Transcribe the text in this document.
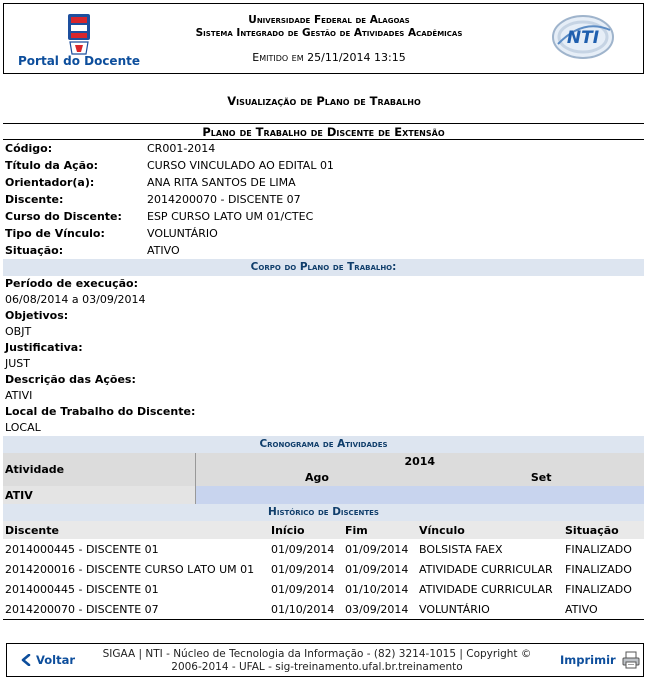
Portal do Docente
Universidade Federal de Alagoas
Sistema Integrado de Gestão de Atividades Acadêmicas
Emitido em 25/11/2014 13:15
NTI
Visualização de Plano de Trabalho
Plano de Trabalho de Discente de Extensão
Código:	CR001-2014
Título da Ação:	CURSO VINCULADO AO EDITAL 01
Orientador(a):	ANA RITA SANTOS DE LIMA
Discente:	2014200070 - DISCENTE 07
Curso do Discente:	ESP CURSO LATO UM 01/CTEC
Tipo de Vínculo:	VOLUNTÁRIO
Situação:	ATIVO
Corpo do Plano de Trabalho:
Período de execução:
06/08/2014 a 03/09/2014
Objetivos:
OBJT
Justificativa:
JUST
Descrição das Ações:
ATIVI
Local de Trabalho do Discente:
LOCAL
Cronograma de Atividades
Atividade	2014	
	Ago	Set
ATIV		
Histórico de Discentes
Discente	Início	Fim	Vínculo	Situação
2014000445 - DISCENTE 01	01/09/2014	01/09/2014	BOLSISTA FAEX	FINALIZADO
2014200016 - DISCENTE CURSO LATO UM 01	01/09/2014	01/09/2014	ATIVIDADE CURRICULAR	FINALIZADO
2014000445 - DISCENTE 01	01/09/2014	01/10/2014	ATIVIDADE CURRICULAR	FINALIZADO
2014200070 - DISCENTE 07	01/10/2014	03/09/2014	VOLUNTÁRIO	ATIVO
Voltar	SIGAA | NTI - Núcleo de Tecnologia da Informação - (82) 3214-1015 | Copyright ©
2006-2014 - UFAL - sig-treinamento.ufal.br.treinamento	Imprimir
